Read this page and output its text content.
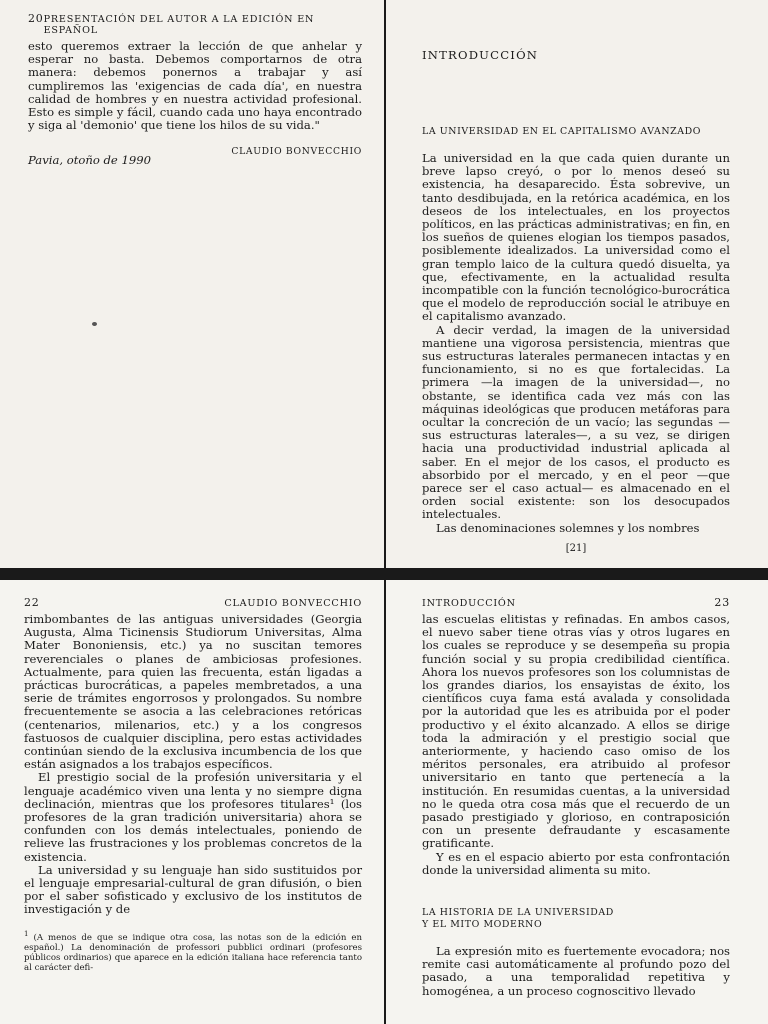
20 PRESENTACIÓN DEL AUTOR A LA EDICIÓN EN ESPAÑOL

esto queremos extraer la lección de que anhelar y esperar no basta. Debemos comportarnos de otra manera: debemos ponernos a trabajar y así cumpliremos las 'exigencias de cada día', en nuestra calidad de hombres y en nuestra actividad profesional. Esto es simple y fácil, cuando cada uno haya encontrado y siga al 'demonio' que tiene los hilos de su vida."

CLAUDIO BONVECCHIO
Pavia, otoño de 1990
INTRODUCCIÓN
LA UNIVERSIDAD EN EL CAPITALISMO AVANZADO

La universidad en la que cada quien durante un breve lapso creyó, o por lo menos deseó su existencia, ha desaparecido. Ésta sobrevive, un tanto desdibujada, en la retórica académica, en los deseos de los intelectuales, en los proyectos políticos, en las prácticas administrativas; en fin, en los sueños de quienes elogian los tiempos pasados, posiblemente idealizados. La universidad como el gran templo laico de la cultura quedó disuelta, ya que, efectivamente, en la actualidad resulta incompatible con la función tecnológico-burocrática que el modelo de reproducción social le atribuye en el capitalismo avanzado.

A decir verdad, la imagen de la universidad mantiene una vigorosa persistencia, mientras que sus estructuras laterales permanecen intactas y en funcionamiento, si no es que fortalecidas. La primera —la imagen de la universidad—, no obstante, se identifica cada vez más con las máquinas ideológicas que producen metáforas para ocultar la concreción de un vacío; las segundas —sus estructuras laterales—, a su vez, se dirigen hacia una productividad industrial aplicada al saber. En el mejor de los casos, el producto es absorbido por el mercado, y en el peor —que parece ser el caso actual— es almacenado en el orden social existente: son los desocupados intelectuales.

Las denominaciones solemnes y los nombres

[21]
22	CLAUDIO BONVECCHIO

rimbombantes de las antiguas universidades (Georgia Augusta, Alma Ticinensis Studiorum Universitas, Alma Mater Bononiensis, etc.) ya no suscitan temores reverenciales o planes de ambiciosas profesiones. Actualmente, para quien las frecuenta, están ligadas a prácticas burocráticas, a papeles membretados, a una serie de trámites engorrosos y prolongados. Su nombre frecuentemente se asocia a las celebraciones retóricas (centenarios, milenarios, etc.) y a los congresos fastuosos de cualquier disciplina, pero estas actividades continúan siendo de la exclusiva incumbencia de los que están asignados a los trabajos específicos.

El prestigio social de la profesión universitaria y el lenguaje académico viven una lenta y no siempre digna declinación, mientras que los profesores titulares¹ (los profesores de la gran tradición universitaria) ahora se confunden con los demás intelectuales, poniendo de relieve las frustraciones y los problemas concretos de la existencia.

La universidad y su lenguaje han sido sustituidos por el lenguaje empresarial-cultural de gran difusión, o bien por el saber sofisticado y exclusivo de los institutos de investigación y de

$^1$ (A menos de que se indique otra cosa, las notas son de la edición en español.) La denominación de professori pubblici ordinari (profesores públicos ordinarios) que aparece en la edición italiana hace referencia tanto al carácter defi-
INTRODUCCIÓN	23

las escuelas elitistas y refinadas. En ambos casos, el nuevo saber tiene otras vías y otros lugares en los cuales se reproduce y se desempeña su propia función social y su propia credibilidad científica. Ahora los nuevos profesores son los columnistas de los grandes diarios, los ensayistas de éxito, los científicos cuya fama está avalada y consolidada por la autoridad que les es atribuida por el poder productivo y el éxito alcanzado. A ellos se dirige toda la admiración y el prestigio social que anteriormente, y haciendo caso omiso de los méritos personales, era atribuido al profesor universitario en tanto que pertenecía a la institución. En resumidas cuentas, a la universidad no le queda otra cosa más que el recuerdo de un pasado prestigiado y glorioso, en contraposición con un presente defraudante y escasamente gratificante.

Y es en el espacio abierto por esta confrontación donde la universidad alimenta su mito.

LA HISTORIA DE LA UNIVERSIDAD
Y EL MITO MODERNO

La expresión mito es fuertemente evocadora; nos remite casi automáticamente al profundo pozo del pasado, a una temporalidad repetitiva y homogénea, a un proceso cognoscitivo llevado
